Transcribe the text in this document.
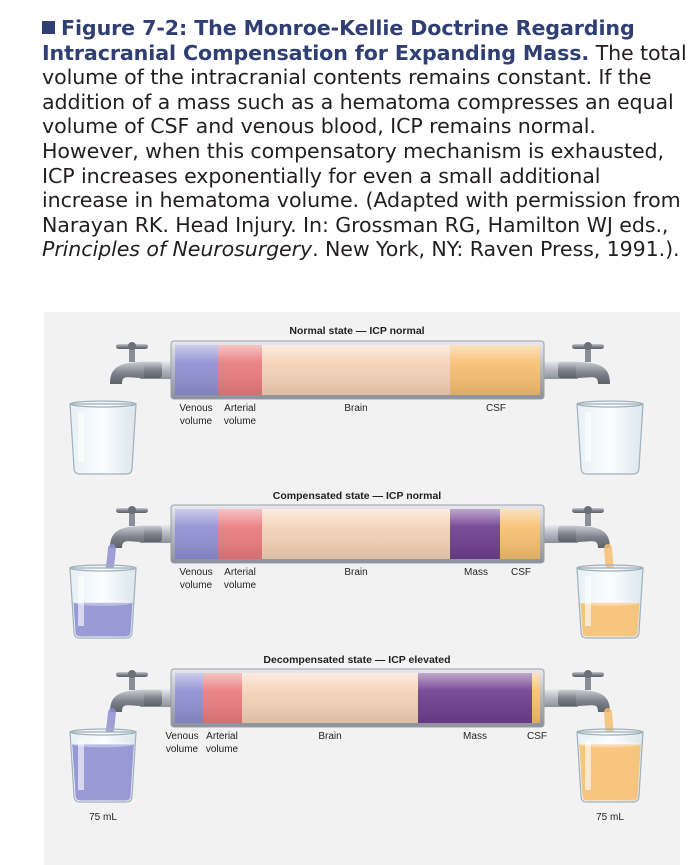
Figure 7-2: The Monroe-Kellie Doctrine Regarding Intracranial Compensation for Expanding Mass. The total volume of the intracranial contents remains constant. If the addition of a mass such as a hematoma compresses an equal volume of CSF and venous blood, ICP remains normal. However, when this compensatory mechanism is exhausted, ICP increases exponentially for even a small additional increase in hematoma volume. (Adapted with permission from Narayan RK. Head Injury. In: Grossman RG, Hamilton WJ eds., Principles of Neurosurgery. New York, NY: Raven Press, 1991.).
Normal state — ICP normal
Venous
volume
Arterial
volume
Brain	CSF
Compensated state — ICP normal
Venous
volume
Arterial
volume
Brain	Mass CSF
Decompensated state — ICP elevated
Venous
volume
Arterial
volume
Brain	Mass	CSF
75 mL	75 mL
